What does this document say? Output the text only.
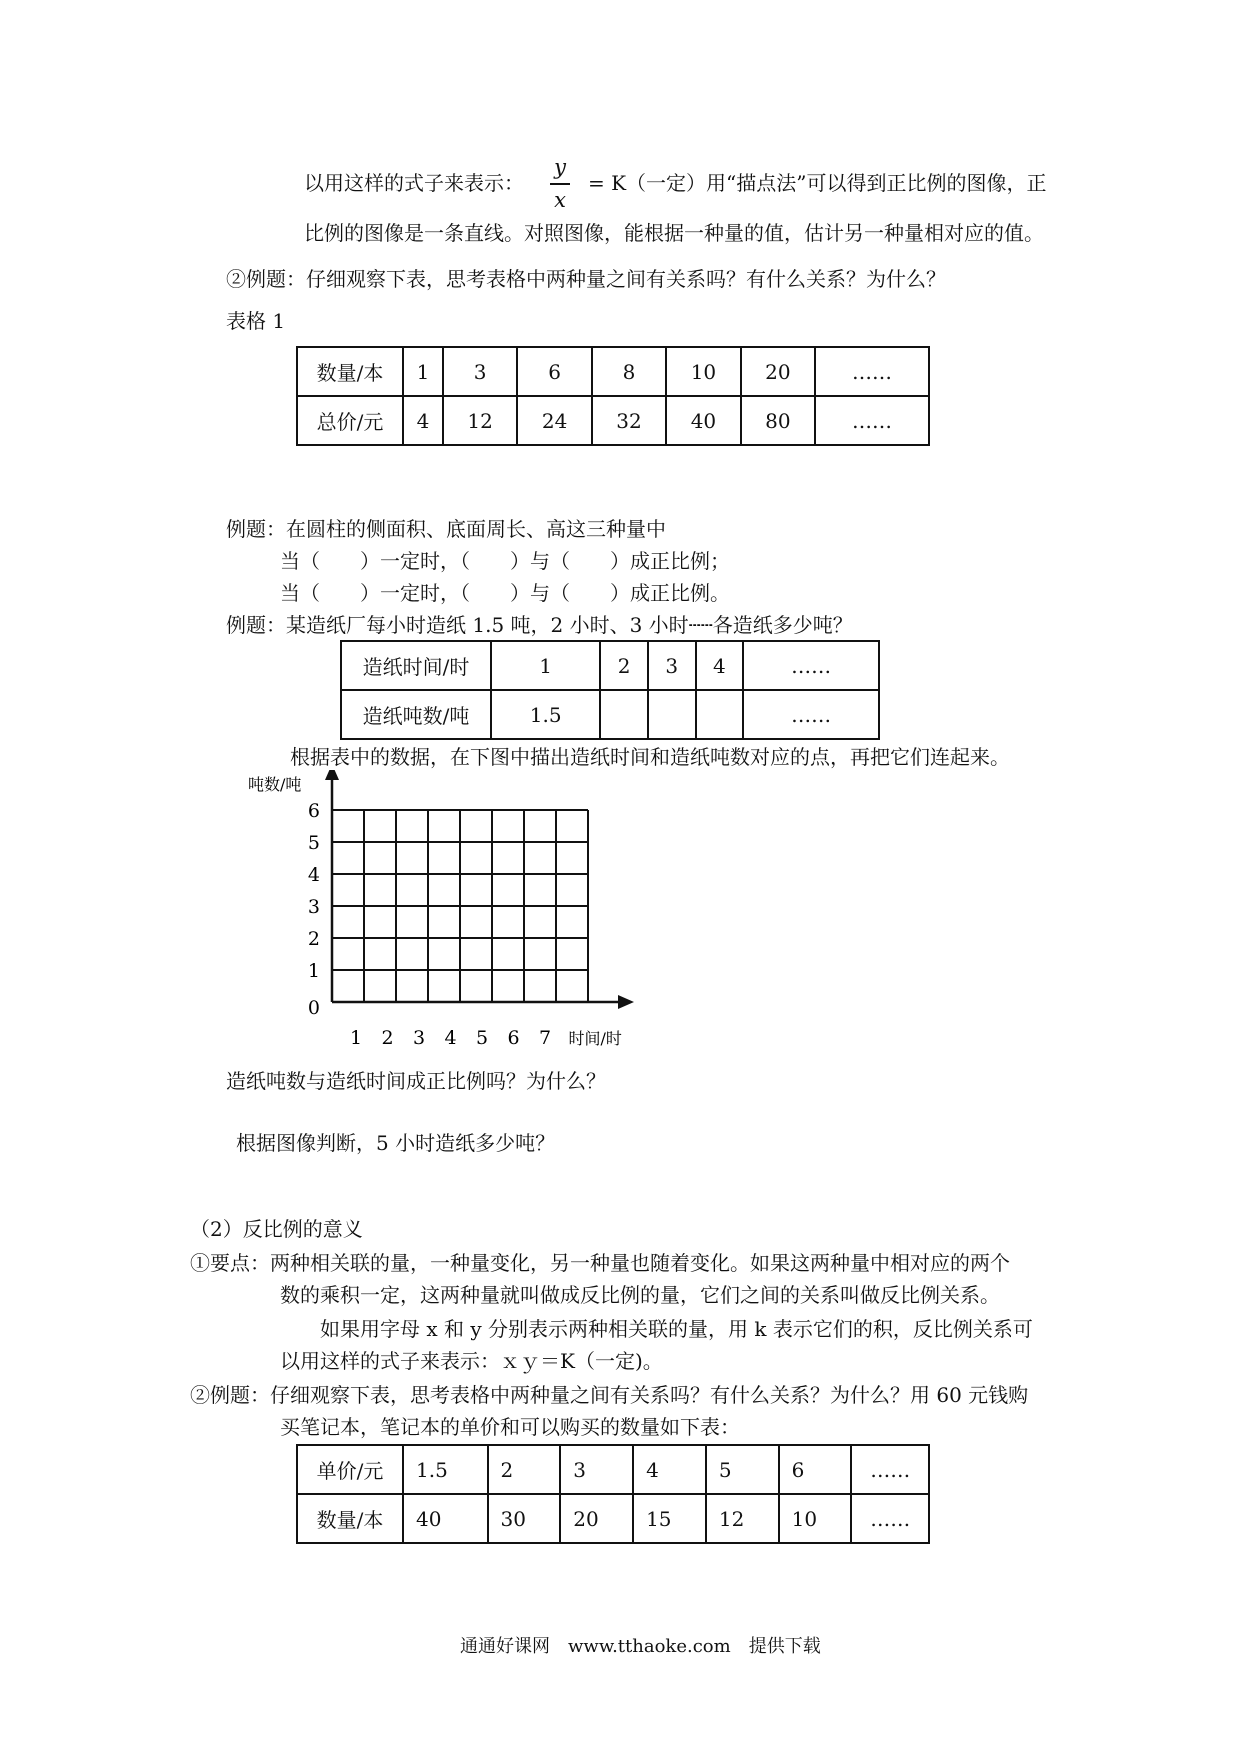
以用这样的式子来表示：
y
x
= K（一定）用“描点法”可以得到正比例的图像，正
比例的图像是一条直线。对照图像，能根据一种量的值，估计另一种量相对应的值。
②例题：仔细观察下表，思考表格中两种量之间有关系吗？有什么关系？为什么？
表格 1
数量/本	1	3	6	8	10	20	……
总价/元	4	12	24	32	40	80	……
例题：在圆柱的侧面积、底面周长、高这三种量中
当（　　）一定时，（　　）与（　　）成正比例；
当（　　）一定时，（　　）与（　　）成正比例。
例题：某造纸厂每小时造纸 1.5 吨，2 小时、3 小时┄┄各造纸多少吨？
造纸时间/时	1	2	3	4	……
造纸吨数/吨	1.5				……
根据表中的数据，在下图中描出造纸时间和造纸吨数对应的点，再把它们连起来。
0
1
2
3
4
5
6
1 2 3 4 5 6 7
吨数/吨
时间/时
造纸吨数与造纸时间成正比例吗？为什么？
根据图像判断，5 小时造纸多少吨？
（2）反比例的意义
①要点：两种相关联的量，一种量变化，另一种量也随着变化。如果这两种量中相对应的两个
数的乘积一定，这两种量就叫做成反比例的量，它们之间的关系叫做反比例关系。
如果用字母 x 和 y 分别表示两种相关联的量，用 k 表示它们的积，反比例关系可
以用这样的式子来表示：ｘｙ＝K（一定)。
②例题：仔细观察下表，思考表格中两种量之间有关系吗？有什么关系？为什么？用 60 元钱购
买笔记本，笔记本的单价和可以购买的数量如下表：
单价/元	1.5	2	3	4	5	6	……
数量/本	40	30	20	15	12	10	……
通通好课网　www.tthaoke.com　提供下载
